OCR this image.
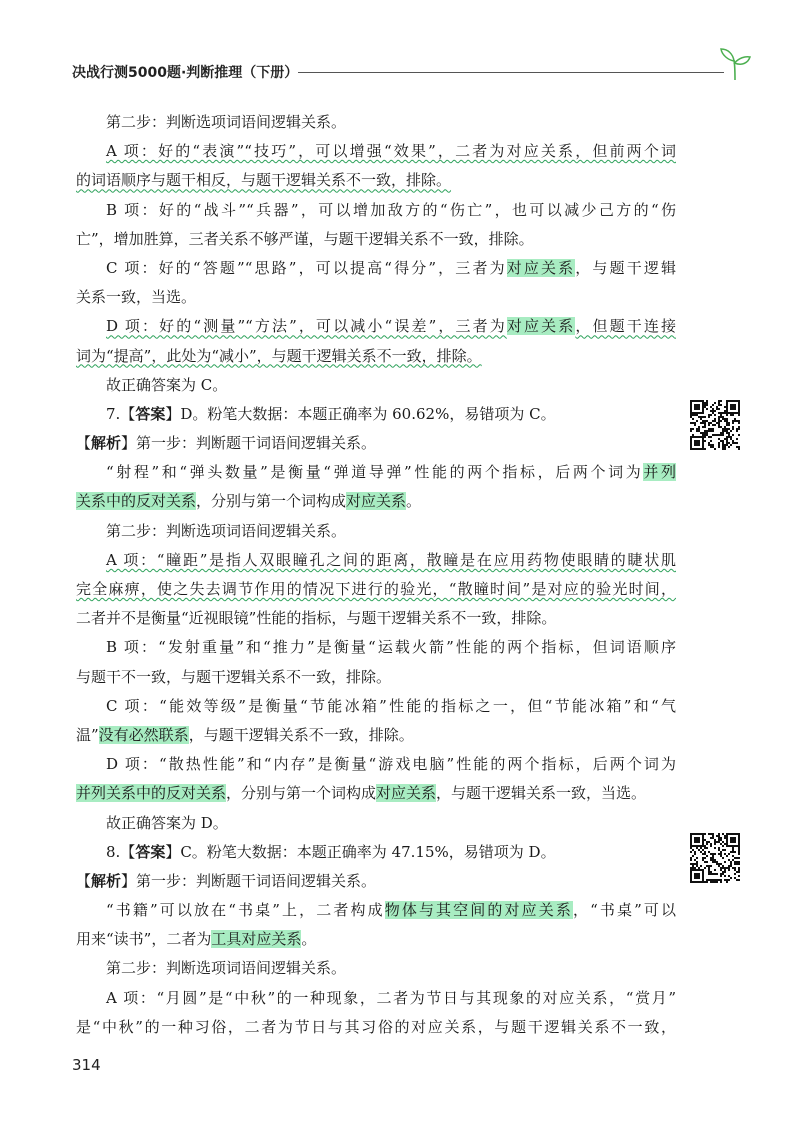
决战行测5000题·判断推理（下册）
第二步：判断选项词语间逻辑关系。
A 项：好的“表演”“技巧”，可以增强“效果”，二者为对应关系，但前两个词
的词语顺序与题干相反，与题干逻辑关系不一致，排除。
B 项：好的“战斗”“兵器”，可以增加敌方的“伤亡”，也可以减少己方的“伤
亡”，增加胜算，三者关系不够严谨，与题干逻辑关系不一致，排除。
C 项：好的“答题”“思路”，可以提高“得分”，三者为对应关系，与题干逻辑
关系一致，当选。
D 项：好的“测量”“方法”，可以减小“误差”，三者为对应关系，但题干连接
词为“提高”，此处为“减小”，与题干逻辑关系不一致，排除。
故正确答案为 C。
7.【答案】D。粉笔大数据：本题正确率为 60.62%，易错项为 C。
【解析】第一步：判断题干词语间逻辑关系。
“射程”和“弹头数量”是衡量“弹道导弹”性能的两个指标，后两个词为并列
关系中的反对关系，分别与第一个词构成对应关系。
第二步：判断选项词语间逻辑关系。
A 项：“瞳距”是指人双眼瞳孔之间的距离，散瞳是在应用药物使眼睛的睫状肌
完全麻痹，使之失去调节作用的情况下进行的验光，“散瞳时间”是对应的验光时间，
二者并不是衡量“近视眼镜”性能的指标，与题干逻辑关系不一致，排除。
B 项：“发射重量”和“推力”是衡量“运载火箭”性能的两个指标，但词语顺序
与题干不一致，与题干逻辑关系不一致，排除。
C 项：“能效等级”是衡量“节能冰箱”性能的指标之一，但“节能冰箱”和“气
温”没有必然联系，与题干逻辑关系不一致，排除。
D 项：“散热性能”和“内存”是衡量“游戏电脑”性能的两个指标，后两个词为
并列关系中的反对关系，分别与第一个词构成对应关系，与题干逻辑关系一致，当选。
故正确答案为 D。
8.【答案】C。粉笔大数据：本题正确率为 47.15%，易错项为 D。
【解析】第一步：判断题干词语间逻辑关系。
“书籍”可以放在“书桌”上，二者构成物体与其空间的对应关系，“书桌”可以
用来“读书”，二者为工具对应关系。
第二步：判断选项词语间逻辑关系。
A 项：“月圆”是“中秋”的一种现象，二者为节日与其现象的对应关系，“赏月”
是“中秋”的一种习俗，二者为节日与其习俗的对应关系，与题干逻辑关系不一致，
314
